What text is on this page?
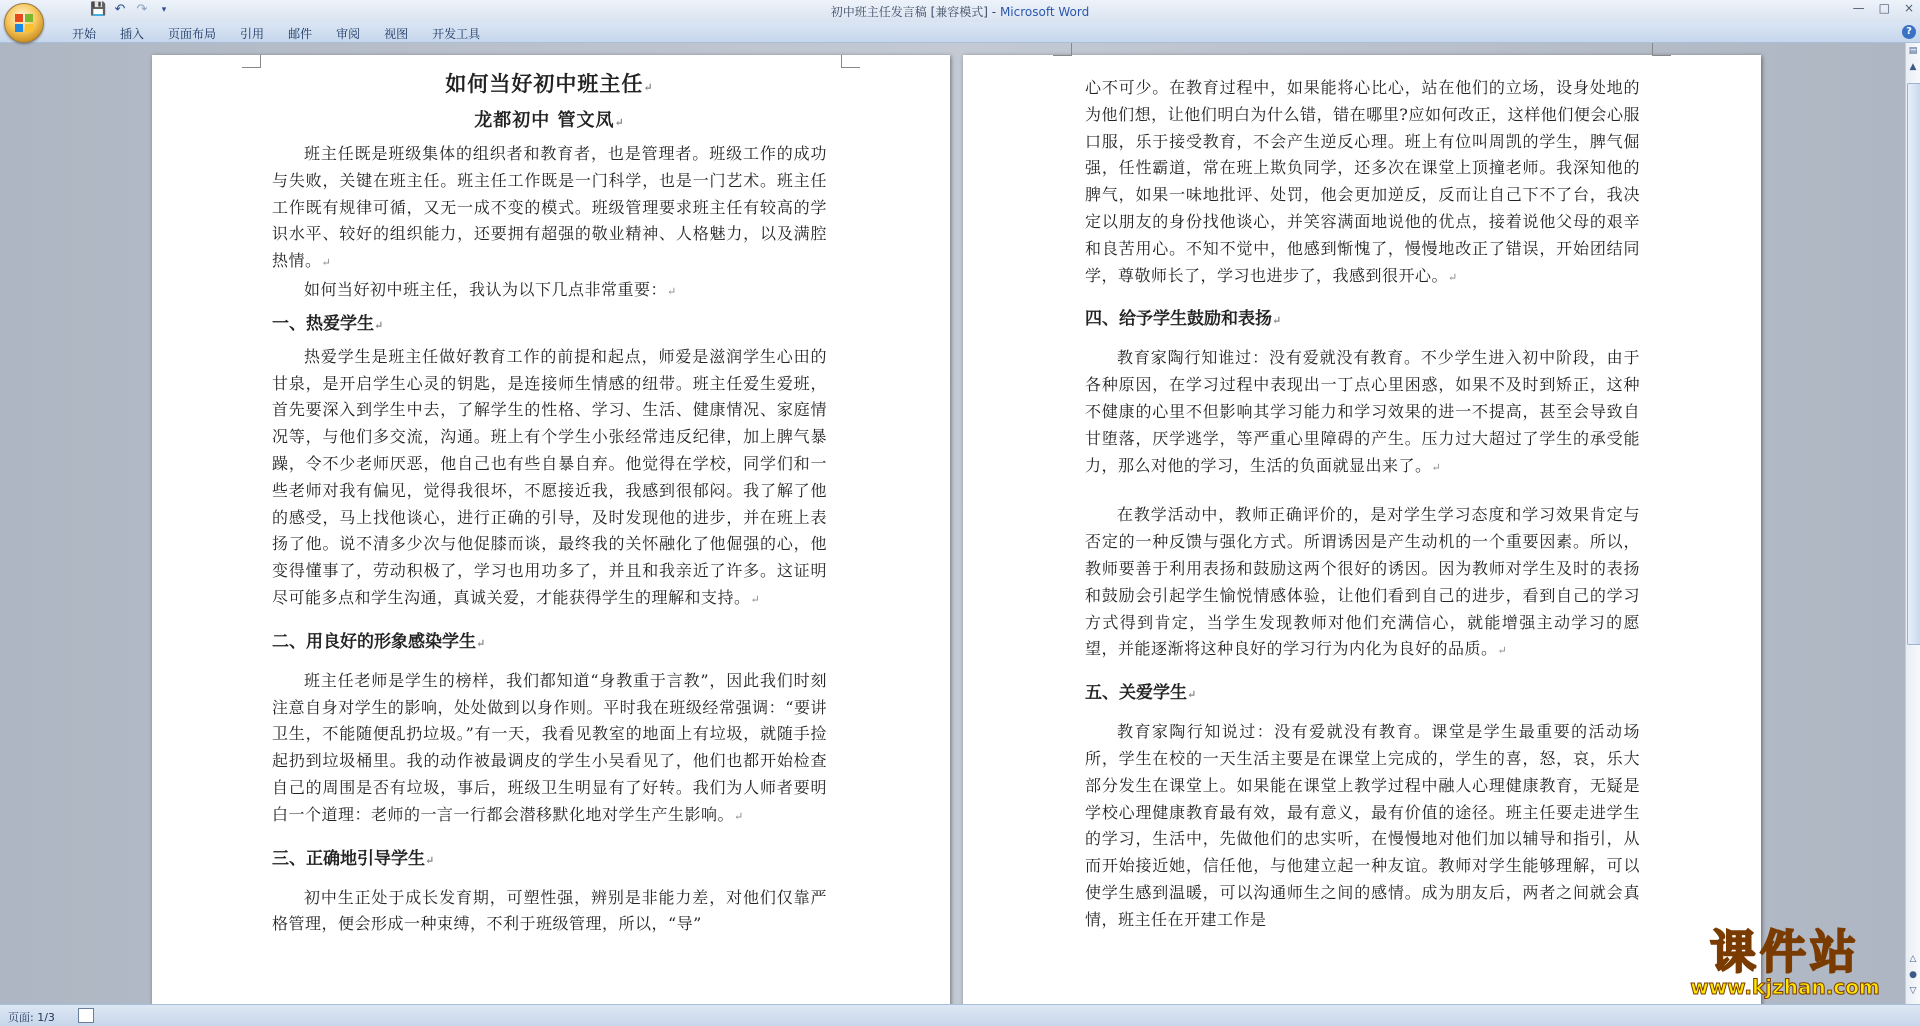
💾 ↶ ↷	▾	初中班主任发言稿 [兼容模式] - Microsoft Word	— □ ×
开始	插入	页面布局	引用	邮件	审阅	视图	开发工具	?
如何当好初中班主任↵
龙都初中 管文凤↵

班主任既是班级集体的组织者和教育者，也是管理者。班级工作的成功与失败，关键在班主任。班主任工作既是一门科学，也是一门艺术。班主任工作既有规律可循，又无一成不变的模式。班级管理要求班主任有较高的学识水平、较好的组织能力，还要拥有超强的敬业精神、人格魅力，以及满腔热情。↵

如何当好初中班主任，我认为以下几点非常重要：↵

一、热爱学生↵

热爱学生是班主任做好教育工作的前提和起点，师爱是滋润学生心田的甘泉，是开启学生心灵的钥匙，是连接师生情感的纽带。班主任爱生爱班，首先要深入到学生中去，了解学生的性格、学习、生活、健康情况、家庭情况等，与他们多交流，沟通。班上有个学生小张经常违反纪律，加上脾气暴躁，令不少老师厌恶，他自己也有些自暴自弃。他觉得在学校，同学们和一些老师对我有偏见，觉得我很坏，不愿接近我，我感到很郁闷。我了解了他的感受，马上找他谈心，进行正确的引导，及时发现他的进步，并在班上表扬了他。说不清多少次与他促膝而谈，最终我的关怀融化了他倔强的心，他变得懂事了，劳动积极了，学习也用功多了，并且和我亲近了许多。这证明尽可能多点和学生沟通，真诚关爱，才能获得学生的理解和支持。↵

二、用良好的形象感染学生↵

班主任老师是学生的榜样，我们都知道“身教重于言教”，因此我们时刻注意自身对学生的影响，处处做到以身作则。平时我在班级经常强调：“要讲卫生，不能随便乱扔垃圾。”有一天，我看见教室的地面上有垃圾，就随手捡起扔到垃圾桶里。我的动作被最调皮的学生小吴看见了，他们也都开始检查自己的周围是否有垃圾，事后，班级卫生明显有了好转。我们为人师者要明白一个道理：老师的一言一行都会潜移默化地对学生产生影响。↵

三、正确地引导学生↵

初中生正处于成长发育期，可塑性强，辨别是非能力差，对他们仅靠严格管理，便会形成一种束缚，不利于班级管理，所以，“导”

心不可少。在教育过程中，如果能将心比心，站在他们的立场，设身处地的为他们想，让他们明白为什么错，错在哪里?应如何改正，这样他们便会心服口服，乐于接受教育，不会产生逆反心理。班上有位叫周凯的学生，脾气倔强，任性霸道，常在班上欺负同学，还多次在课堂上顶撞老师。我深知他的脾气，如果一味地批评、处罚，他会更加逆反，反而让自己下不了台，我决定以朋友的身份找他谈心，并笑容满面地说他的优点，接着说他父母的艰辛和良苦用心。不知不觉中，他感到惭愧了，慢慢地改正了错误，开始团结同学，尊敬师长了，学习也进步了，我感到很开心。↵

四、给予学生鼓励和表扬↵

教育家陶行知谁过：没有爱就没有教育。不少学生进入初中阶段，由于各种原因，在学习过程中表现出一丁点心里困惑，如果不及时到矫正，这种不健康的心里不但影响其学习能力和学习效果的进一不提高，甚至会导致自甘堕落，厌学逃学，等严重心里障碍的产生。压力过大超过了学生的承受能力，那么对他的学习，生活的负面就显出来了。↵

在教学活动中，教师正确评价的，是对学生学习态度和学习效果肯定与否定的一种反馈与强化方式。所谓诱因是产生动机的一个重要因素。所以，教师要善于利用表扬和鼓励这两个很好的诱因。因为教师对学生及时的表扬和鼓励会引起学生愉悦情感体验，让他们看到自己的进步，看到自己的学习方式得到肯定，当学生发现教师对他们充满信心，就能增强主动学习的愿望，并能逐渐将这种良好的学习行为内化为良好的品质。↵

五、关爱学生↵

教育家陶行知说过：没有爱就没有教育。课堂是学生最重要的活动场所，学生在校的一天生活主要是在课堂上完成的，学生的喜，怒，哀，乐大部分发生在课堂上。如果能在课堂上教学过程中融人心理健康教育，无疑是学校心理健康教育最有效，最有意义，最有价值的途径。班主任要走进学生的学习，生活中，先做他们的忠实听，在慢慢地对他们加以辅导和指引，从而开始接近她，信任他，与他建立起一种友谊。教师对学生能够理解，可以使学生感到温暖，可以沟通师生之间的感情。成为朋友后，两者之间就会真情，班主任在开建工作是

▤
▲
△
●
▽
页面: 1/3
课件站
www.kjzhan.com
